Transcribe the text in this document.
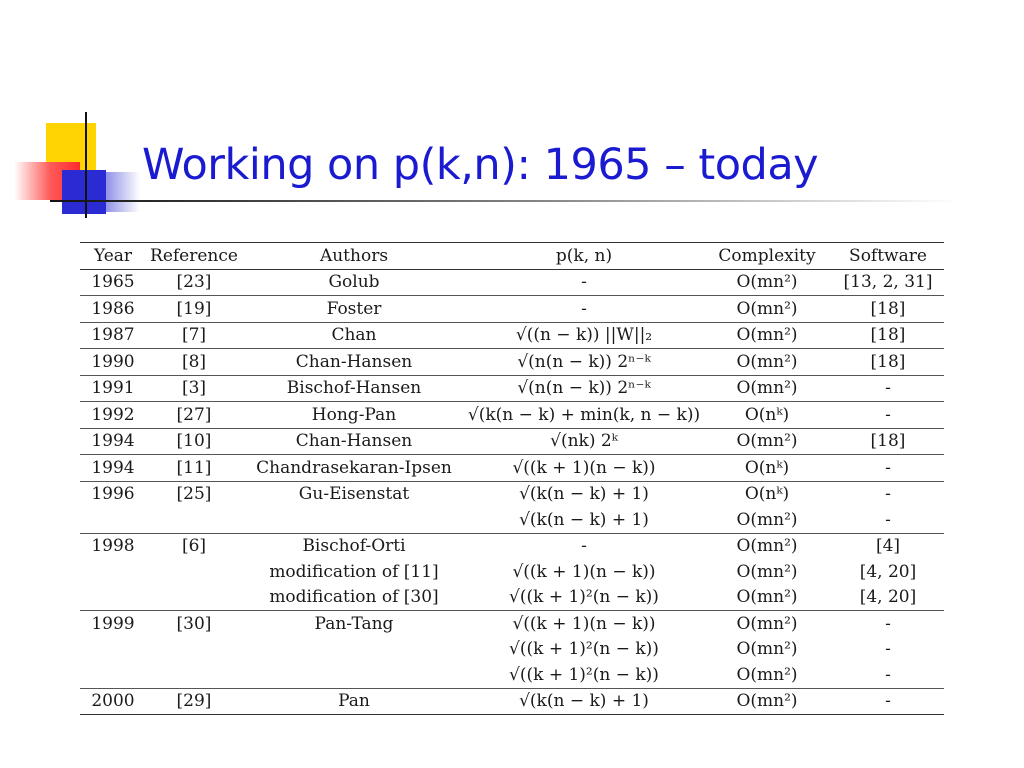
Working on p(k,n): 1965 – today
Year	Reference	Authors	p(k, n)	Complexity	Software
1965	[23]	Golub	-	O(mn²)	[13, 2, 31]
1986	[19]	Foster	-	O(mn²)	[18]
1987	[7]	Chan	√((n − k)) ||W||₂	O(mn²)	[18]
1990	[8]	Chan-Hansen	√(n(n − k)) 2ⁿ⁻ᵏ	O(mn²)	[18]
1991	[3]	Bischof-Hansen	√(n(n − k)) 2ⁿ⁻ᵏ	O(mn²)	-
1992	[27]	Hong-Pan	√(k(n − k) + min(k, n − k))	O(nᵏ)	-
1994	[10]	Chan-Hansen	√(nk) 2ᵏ	O(mn²)	[18]
1994	[11]	Chandrasekaran-Ipsen	√((k + 1)(n − k))	O(nᵏ)	-
1996	[25]	Gu-Eisenstat	√(k(n − k) + 1)	O(nᵏ)	-
			√(k(n − k) + 1)	O(mn²)	-
1998	[6]	Bischof-Orti	-	O(mn²)	[4]
		modification of [11]	√((k + 1)(n − k))	O(mn²)	[4, 20]
		modification of [30]	√((k + 1)²(n − k))	O(mn²)	[4, 20]
1999	[30]	Pan-Tang	√((k + 1)(n − k))	O(mn²)	-
			√((k + 1)²(n − k))	O(mn²)	-
			√((k + 1)²(n − k))	O(mn²)	-
2000	[29]	Pan	√(k(n − k) + 1)	O(mn²)	-
